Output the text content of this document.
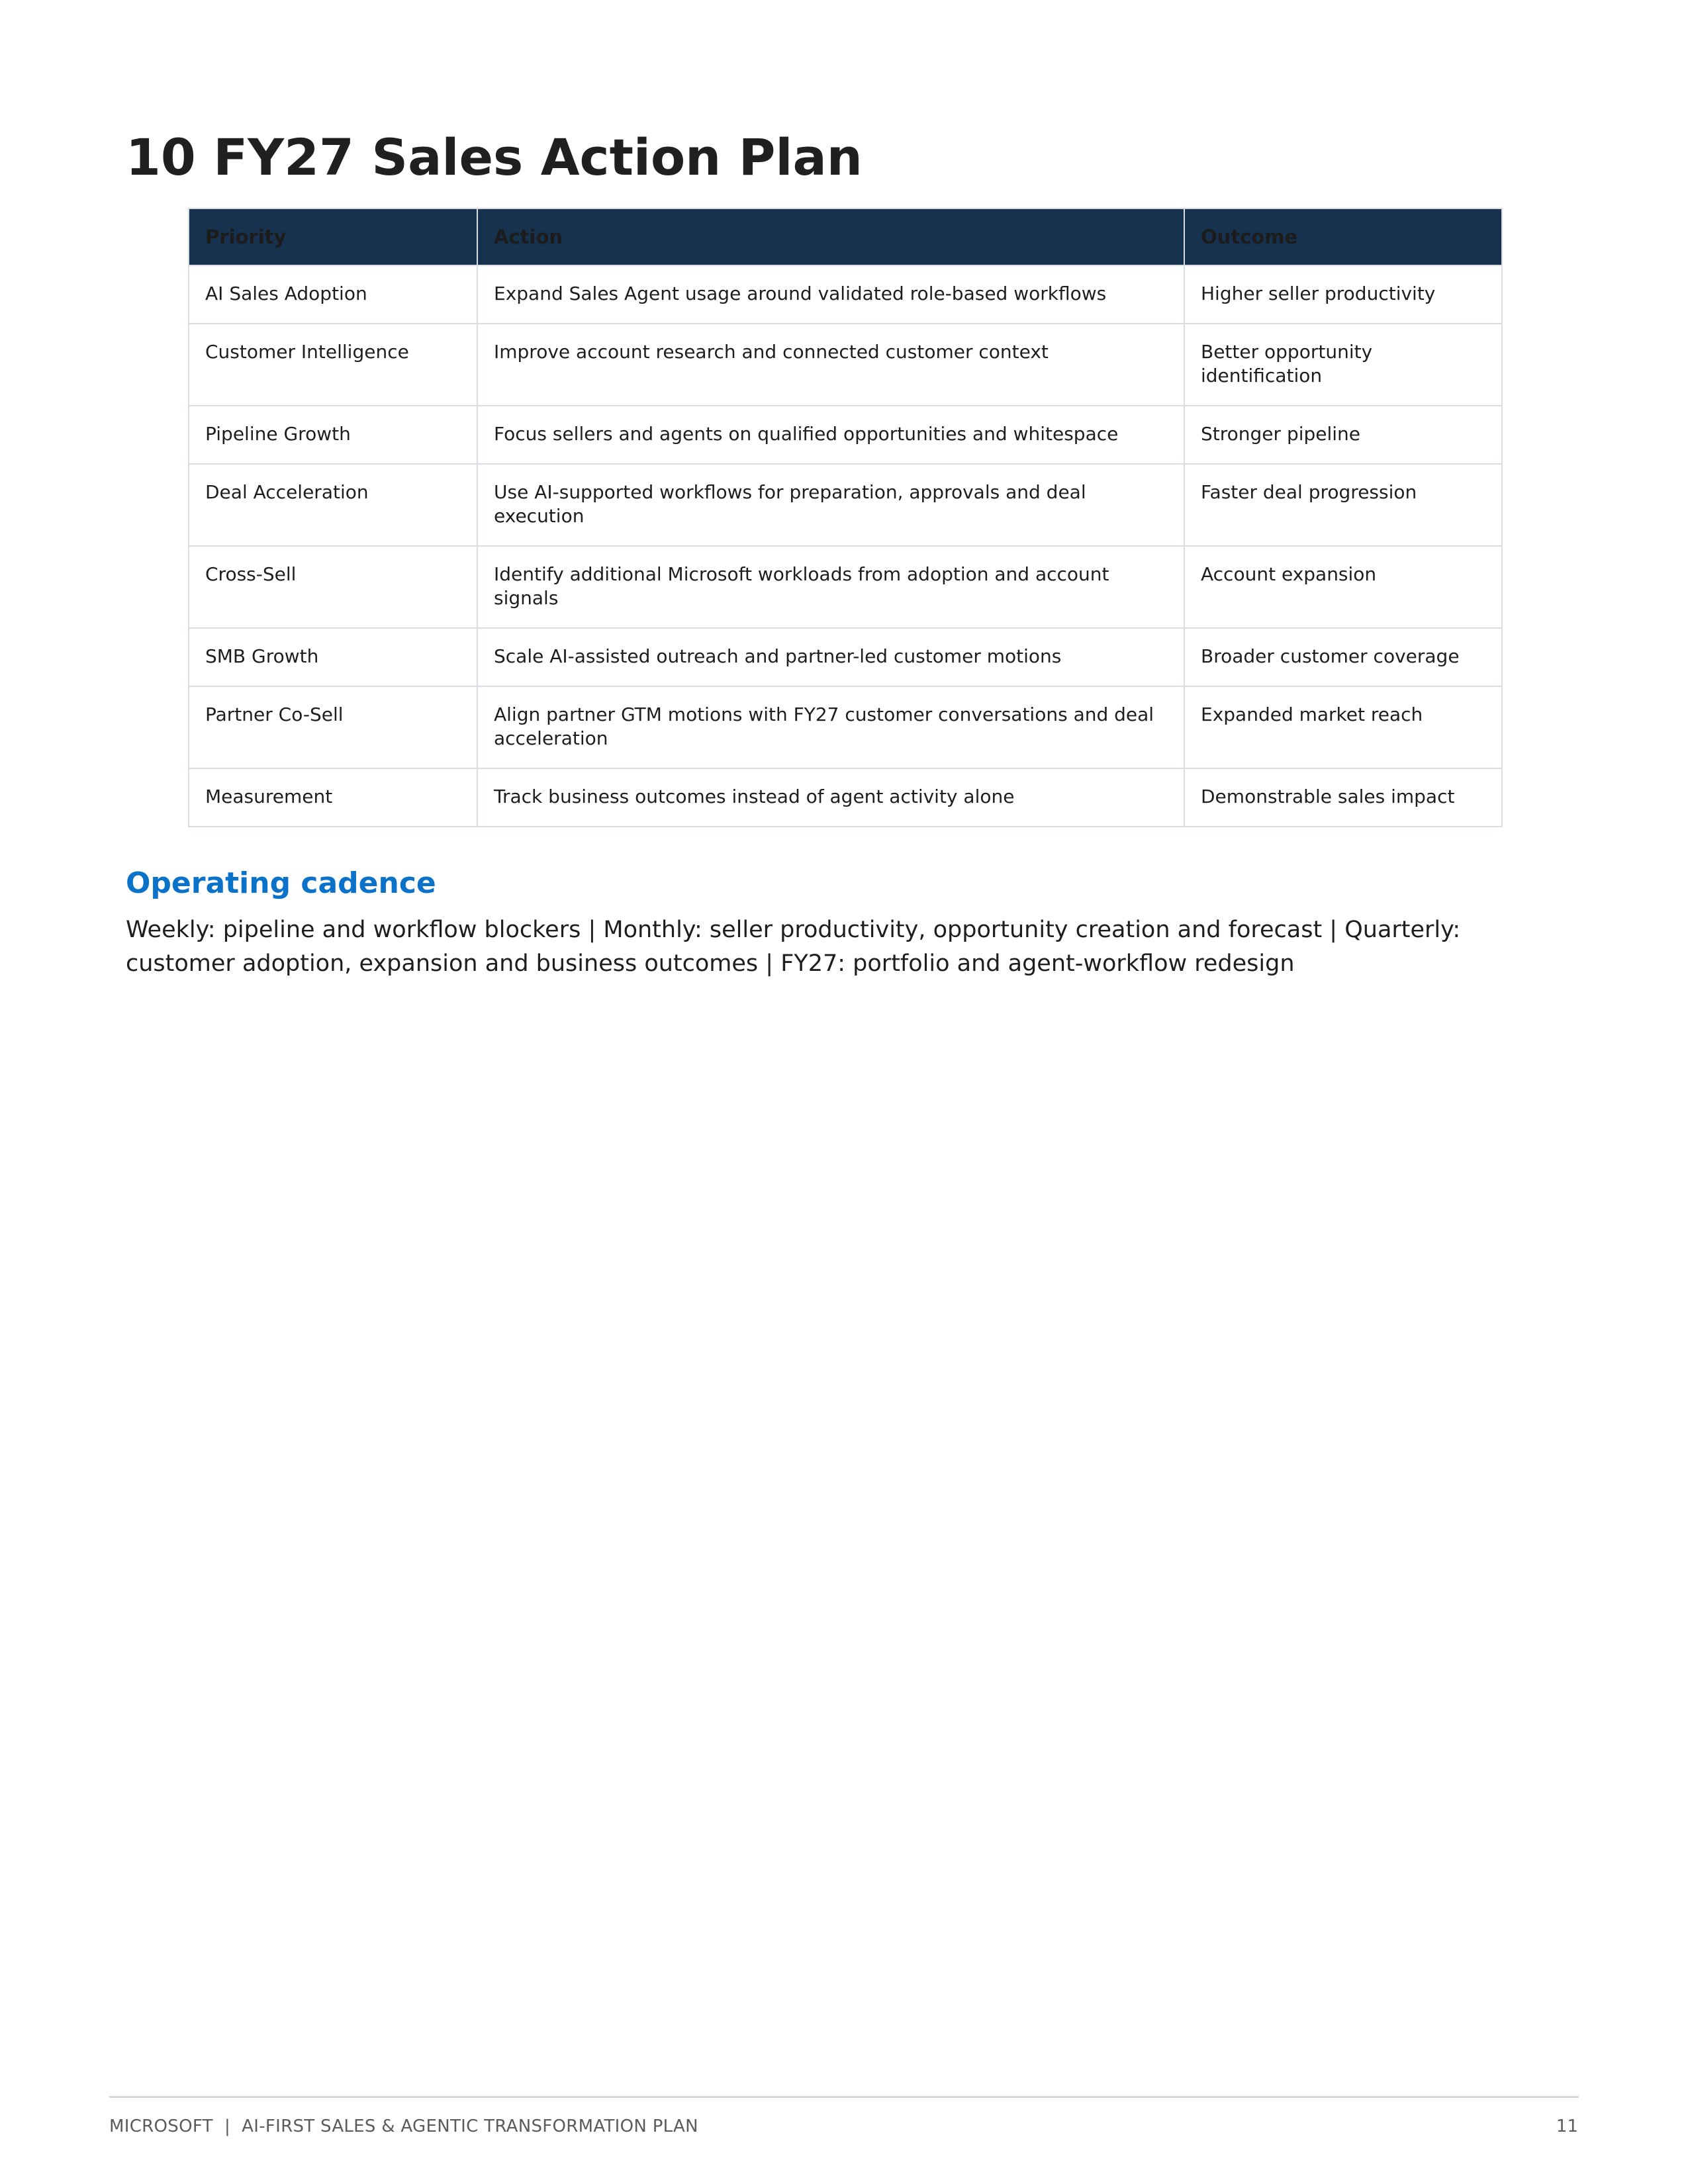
10 FY27 Sales Action Plan
Priority	Action	Outcome
AI Sales Adoption	Expand Sales Agent usage around validated role-based workflows	Higher seller productivity
Customer Intelligence	Improve account research and connected customer context	Better opportunity identification
Pipeline Growth	Focus sellers and agents on qualified opportunities and whitespace	Stronger pipeline
Deal Acceleration	Use AI-supported workflows for preparation, approvals and deal execution	Faster deal progression
Cross-Sell	Identify additional Microsoft workloads from adoption and account signals	Account expansion
SMB Growth	Scale AI-assisted outreach and partner-led customer motions	Broader customer coverage
Partner Co-Sell	Align partner GTM motions with FY27 customer conversations and deal acceleration	Expanded market reach
Measurement	Track business outcomes instead of agent activity alone	Demonstrable sales impact
Operating cadence

Weekly: pipeline and workflow blockers | Monthly: seller productivity, opportunity creation and forecast | Quarterly: customer adoption, expansion and business outcomes | FY27: portfolio and agent-workflow redesign

MICROSOFT  |  AI-FIRST SALES & AGENTIC TRANSFORMATION PLAN	11
